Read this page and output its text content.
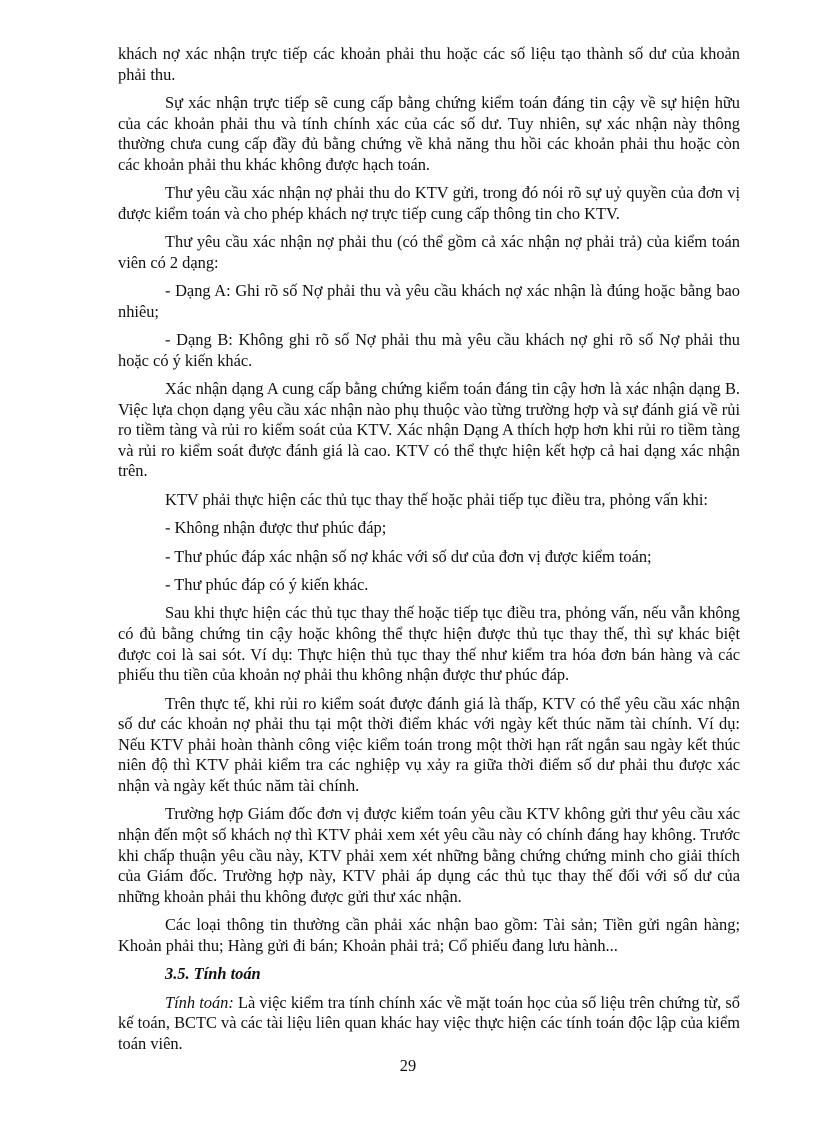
khách nợ xác nhận trực tiếp các khoản phải thu hoặc các số liệu tạo thành số dư của khoản phải thu.

Sự xác nhận trực tiếp sẽ cung cấp bằng chứng kiểm toán đáng tin cậy về sự hiện hữu của các khoản phải thu và tính chính xác của các số dư. Tuy nhiên, sự xác nhận này thông thường chưa cung cấp đầy đủ bằng chứng về khả năng thu hồi các khoản phải thu hoặc còn các khoản phải thu khác không được hạch toán.

Thư yêu cầu xác nhận nợ phải thu do KTV gửi, trong đó nói rõ sự uỷ quyền của đơn vị được kiểm toán và cho phép khách nợ trực tiếp cung cấp thông tin cho KTV.

Thư yêu cầu xác nhận nợ phải thu (có thể gồm cả xác nhận nợ phải trả) của kiểm toán viên có 2 dạng:

- Dạng A: Ghi rõ số Nợ phải thu và yêu cầu khách nợ xác nhận là đúng hoặc bằng bao nhiêu;

- Dạng B: Không ghi rõ số Nợ phải thu mà yêu cầu khách nợ ghi rõ số Nợ phải thu hoặc có ý kiến khác.

Xác nhận dạng A cung cấp bằng chứng kiểm toán đáng tin cậy hơn là xác nhận dạng B. Việc lựa chọn dạng yêu cầu xác nhận nào phụ thuộc vào từng trường hợp và sự đánh giá về rủi ro tiềm tàng và rủi ro kiểm soát của KTV. Xác nhận Dạng A thích hợp hơn khi rủi ro tiềm tàng và rủi ro kiểm soát được đánh giá là cao. KTV có thể thực hiện kết hợp cả hai dạng xác nhận trên.

KTV phải thực hiện các thủ tục thay thế hoặc phải tiếp tục điều tra, phỏng vấn khi:

- Không nhận được thư phúc đáp;

- Thư phúc đáp xác nhận số nợ khác với số dư của đơn vị được kiểm toán;

- Thư phúc đáp có ý kiến khác.

Sau khi thực hiện các thủ tục thay thế hoặc tiếp tục điều tra, phỏng vấn, nếu vẫn không có đủ bằng chứng tin cậy hoặc không thể thực hiện được thủ tục thay thế, thì sự khác biệt được coi là sai sót. Ví dụ: Thực hiện thủ tục thay thế như kiểm tra hóa đơn bán hàng và các phiếu thu tiền của khoản nợ phải thu không nhận được thư phúc đáp.

Trên thực tế, khi rủi ro kiểm soát được đánh giá là thấp, KTV có thể yêu cầu xác nhận số dư các khoản nợ phải thu tại một thời điểm khác với ngày kết thúc năm tài chính. Ví dụ: Nếu KTV phải hoàn thành công việc kiểm toán trong một thời hạn rất ngắn sau ngày kết thúc niên độ thì KTV phải kiểm tra các nghiệp vụ xảy ra giữa thời điểm số dư phải thu được xác nhận và ngày kết thúc năm tài chính.

Trường hợp Giám đốc đơn vị được kiểm toán yêu cầu KTV không gửi thư yêu cầu xác nhận đến một số khách nợ thì KTV phải xem xét yêu cầu này có chính đáng hay không. Trước khi chấp thuận yêu cầu này, KTV phải xem xét những bằng chứng chứng minh cho giải thích của Giám đốc. Trường hợp này, KTV phải áp dụng các thủ tục thay thế đối với số dư của những khoản phải thu không được gửi thư xác nhận.

Các loại thông tin thường cần phải xác nhận bao gồm: Tài sản; Tiền gửi ngân hàng; Khoản phải thu; Hàng gửi đi bán; Khoản phải trả; Cổ phiếu đang lưu hành...

3.5. Tính toán

Tính toán: Là việc kiểm tra tính chính xác về mặt toán học của số liệu trên chứng từ, sổ kế toán, BCTC và các tài liệu liên quan khác hay việc thực hiện các tính toán độc lập của kiểm toán viên.

29
